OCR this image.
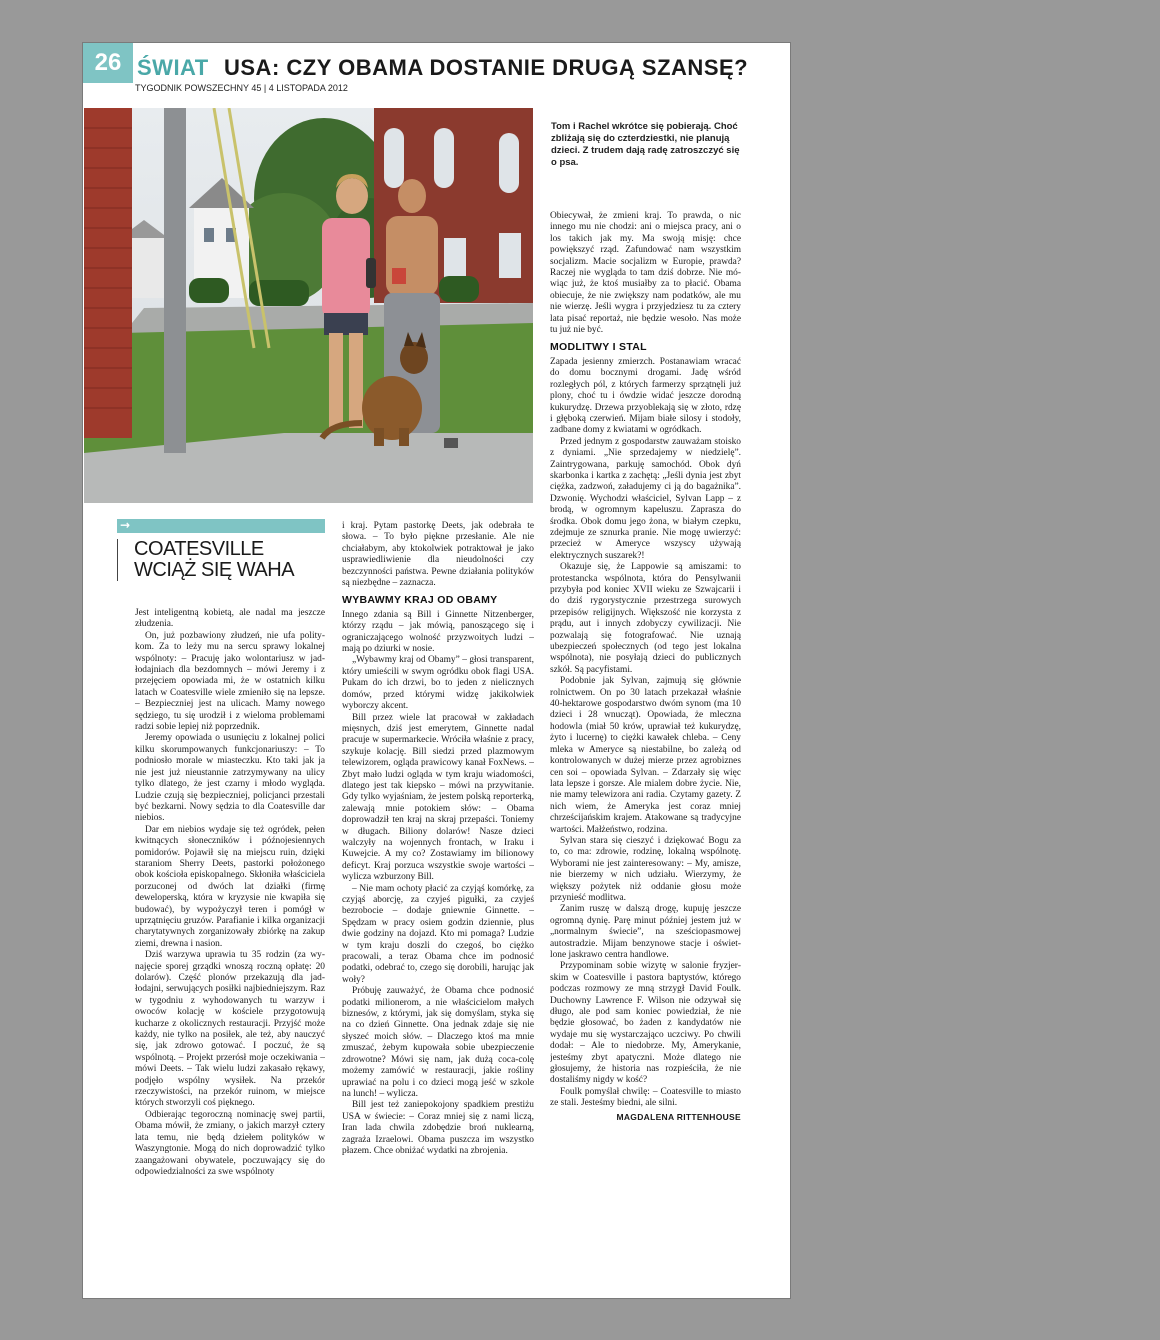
26 ŚWIAT USA: CZY OBAMA DOSTANIE DRUGĄ SZANSĘ?
TYGODNIK POWSZECHNY 45 | 4 LISTOPADA 2012
Tom i Rachel wkrótce się pobierają. Choć zbliżają się do czterdziestki, nie planują dzieci. Z trudem dają radę zatroszczyć się o psa.
→
COATESVILLE
WCIĄŻ SIĘ WAHA

Jest inteligentną kobietą, ale nadal ma jeszcze złudzenia.

On, już pozbawiony złudzeń, nie ufa politykom. Za to leży mu na sercu sprawy lokalnej wspólnoty: – Pracuję jako wolontariusz w jadłodajniach dla bezdomnych – mówi Jeremy i z przejęciem opowiada mi, że w ostatnich kilku latach w Coatesville wiele zmieniło się na lepsze. – Bezpieczniej jest na ulicach. Mamy nowego sędziego, tu się urodził i z wieloma problemami radzi sobie lepiej niż poprzednik.

Jeremy opowiada o usunięciu z lokalnej polici kilku skorumpowanych funkcjonariuszy: – To podniosło morale w miasteczku. Kto taki jak ja nie jest już nieustannie zatrzymywany na ulicy tylko dlatego, że jest czarny i młodo wygląda. Ludzie czują się bezpieczniej, policjanci przestali być bezkarni. Nowy sędzia to dla Coatesville dar niebios.

Dar em niebios wydaje się też ogródek, pełen kwitnących słoneczników i późnojesiennych pomidorów. Pojawił się na miejscu ruin, dzięki staraniom Sherry Deets, pastorki położonego obok kościoła episkopalnego. Skłoniła właściciela porzuconej od dwóch lat działki (firmę deweloperską, która w kryzysie nie kwapiła się budować), by wypożyczył teren i pomógł w uprzątnięciu gruzów. Parafianie i kilka organizacji charytatywnych zorganizowały zbiórkę na zakup ziemi, drewna i nasion.

Dziś warzywa uprawia tu 35 rodzin (za wynajęcie sporej grządki wnoszą roczną opłatę: 20 dolarów). Część plonów przekazują dla jadłodajni, serwujących posiłki najbiedniejszym. Raz w tygodniu z wyhodowanych tu warzyw i owoców kolację w kościele przygotowują kucharze z okolicznych restauracji. Przyjść może każdy, nie tylko na posiłek, ale też, aby nauczyć się, jak zdrowo gotować. I poczuć, że są wspólnotą. – Projekt przerósł moje oczekiwania – mówi Deets. – Tak wielu ludzi zakasało rękawy, podjęło wspólny wysiłek. Na przekór rzeczywistości, na przekór ruinom, w miejsce których stworzyli coś pięknego.

Odbierając tegoroczną nominację swej partii, Obama mówił, że zmiany, o jakich marzył cztery lata temu, nie będą dziełem polityków w Waszyngtonie. Mogą do nich doprowadzić tylko zaangażowani obywatele, poczuwający się do odpowiedzialności za swe wspólnoty

i kraj. Pytam pastorkę Deets, jak odebrała te słowa. – To było piękne przesłanie. Ale nie chciałabym, aby ktokolwiek potraktował je jako usprawiedliwienie dla nieudolności czy bezczynności państwa. Pewne działania polityków są niezbędne – zaznacza.

WYBAWMY KRAJ OD OBAMY

Innego zdania są Bill i Ginnette Nitzenberger, którzy rządu – jak mówią, panoszącego się i ograniczającego wolność przyzwoitych ludzi – mają po dziurki w nosie.

„Wybawmy kraj od Obamy” – głosi transparent, który umieścili w swym ogródku obok flagi USA. Pukam do ich drzwi, bo to jeden z nielicznych domów, przed którymi widzę jakikolwiek wyborczy akcent.

Bill przez wiele lat pracował w zakładach mięsnych, dziś jest emerytem, Ginnette nadal pracuje w supermarkecie. Wróciła właśnie z pracy, szykuje kolację. Bill siedzi przed plazmowym telewizorem, ogląda prawicowy kanał FoxNews. – Zbyt mało ludzi ogląda w tym kraju wiadomości, dlatego jest tak kiepsko – mówi na przywitanie. Gdy tylko wyjaśniam, że jestem polską reporterką, zalewają mnie potokiem słów: – Obama doprowadził ten kraj na skraj przepaści. Toniemy w długach. Biliony dolarów! Nasze dzieci walczyły na wojennych frontach, w Iraku i Kuwejcie. A my co? Zostawiamy im bilionowy deficyt. Kraj porzuca wszystkie swoje wartości – wylicza wzburzony Bill.

– Nie mam ochoty płacić za czyjąś komórkę, za czyjąś aborcję, za czyjeś pigułki, za czyjeś bezrobocie – dodaje gniewnie Ginnette. – Spędzam w pracy osiem godzin dziennie, plus dwie godziny na dojazd. Kto mi pomaga? Ludzie w tym kraju doszli do czegoś, bo ciężko pracowali, a teraz Obama chce im podnosić podatki, odebrać to, czego się dorobili, harując jak woły?

Próbuję zauważyć, że Obama chce podnosić podatki milionerom, a nie właścicielom małych biznesów, z którymi, jak się domyślam, styka się na co dzień Ginnette. Ona jednak zdaje się nie słyszeć moich słów. – Dlaczego ktoś ma mnie zmuszać, żebym kupowała sobie ubezpieczenie zdrowotne? Mówi się nam, jak dużą coca-colę możemy zamówić w restauracji, jakie rośliny uprawiać na polu i co dzieci mogą jeść w szkole na lunch! – wylicza.

Bill jest też zaniepokojony spadkiem prestiżu USA w świecie: – Coraz mniej się z nami liczą, Iran lada chwila zdobędzie broń nuklearną, zagraża Izraelowi. Obama puszcza im wszystko płazem. Chce obniżać wydatki na zbrojenia.

Obiecywał, że zmieni kraj. To prawda, o nic innego mu nie chodzi: ani o miejsca pracy, ani o los takich jak my. Ma swoją misję: chce powiększyć rząd. Zafundować nam wszystkim socjalizm. Macie socjalizm w Europie, prawda? Raczej nie wygląda to tam dziś dobrze. Nie mówiąc już, że ktoś musiałby za to płacić. Obama obiecuje, że nie zwiększy nam podatków, ale mu nie wierzę. Jeśli wygra i przyjedziesz tu za cztery lata pisać reportaż, nie będzie wesoło. Nas może tu już nie być.

MODLITWY I STAL

Zapada jesienny zmierzch. Postanawiam wracać do domu bocznymi drogami. Jadę wśród rozległych pól, z których farmerzy sprzątnęli już plony, choć tu i ówdzie widać jeszcze dorodną kukurydzę. Drzewa przyoblekają się w złoto, rdzę i głęboką czerwień. Mijam białe silosy i stodoły, zadbane domy z kwiatami w ogródkach.

Przed jednym z gospodarstw zauważam stoisko z dyniami. „Nie sprzedajemy w niedzielę”. Zaintrygowana, parkuję samochód. Obok dyń skarbonka i kartka z zachętą: „Jeśli dynia jest zbyt ciężka, zadzwoń, załadujemy ci ją do bagażnika”. Dzwonię. Wychodzi właściciel, Sylvan Lapp – z brodą, w ogromnym kapeluszu. Zaprasza do środka. Obok domu jego żona, w białym czepku, zdejmuje ze sznurka pranie. Nie mogę uwierzyć: przecież w Ameryce wszyscy używają elektrycznych suszarek?!

Okazuje się, że Lappowie są amiszami: to protestancka wspólnota, która do Pensylwanii przybyła pod koniec XVII wieku ze Szwajcarii i do dziś rygorystycznie przestrzega surowych przepisów religijnych. Większość nie korzysta z prądu, aut i innych zdobyczy cywilizacji. Nie pozwalają się fotografować. Nie uznają ubezpieczeń społecznych (od tego jest lokalna wspólnota), nie posyłają dzieci do publicznych szkół. Są pacyfistami.

Podobnie jak Sylvan, zajmują się głównie rolnictwem. On po 30 latach przekazał właśnie 40-hektarowe gospodarstwo dwóm synom (ma 10 dzieci i 28 wnucząt). Opowiada, że mleczna hodowla (miał 50 krów, uprawiał też kukurydzę, żyto i lucernę) to ciężki kawałek chleba. – Ceny mleka w Ameryce są niestabilne, bo zależą od kontrolowanych w dużej mierze przez agrobiznes cen soi – opowiada Sylvan. – Zdarzały się więc lata lepsze i gorsze. Ale mialem dobre życie. Nie, nie mamy telewizora ani radia. Czytamy gazety. Z nich wiem, że Ameryka jest coraz mniej chrześcijańskim krajem. Atakowane są tradycyjne wartości. Małżeństwo, rodzina.

Sylvan stara się cieszyć i dziękować Bogu za to, co ma: zdrowie, rodzinę, lokalną wspólnotę. Wyborami nie jest zainteresowany: – My, amisze, nie bierzemy w nich udziału. Wierzymy, że większy pożytek niż oddanie głosu może przynieść modlitwa.

Zanim ruszę w dalszą drogę, kupuję jeszcze ogromną dynię. Parę minut później jestem już w „normalnym świecie”, na sześciopasmowej autostradzie. Mijam benzynowe stacje i oświetlone jaskrawo centra handlowe.

Przypominam sobie wizytę w salonie fryzjerskim w Coatesville i pastora baptystów, którego podczas rozmowy ze mną strzygł David Foulk. Duchowny Lawrence F. Wilson nie odzywał się długo, ale pod sam koniec powiedział, że nie będzie głosować, bo żaden z kandydatów nie wydaje mu się wystarczająco uczciwy. Po chwili dodał: – Ale to niedobrze. My, Amerykanie, jesteśmy zbyt apatyczni. Może dlatego nie głosujemy, że historia nas rozpieściła, że nie dostaliśmy nigdy w kość?

Foulk pomyślał chwilę: – Coatesville to miasto ze stali. Jesteśmy biedni, ale silni.

MAGDALENA RITTENHOUSE
